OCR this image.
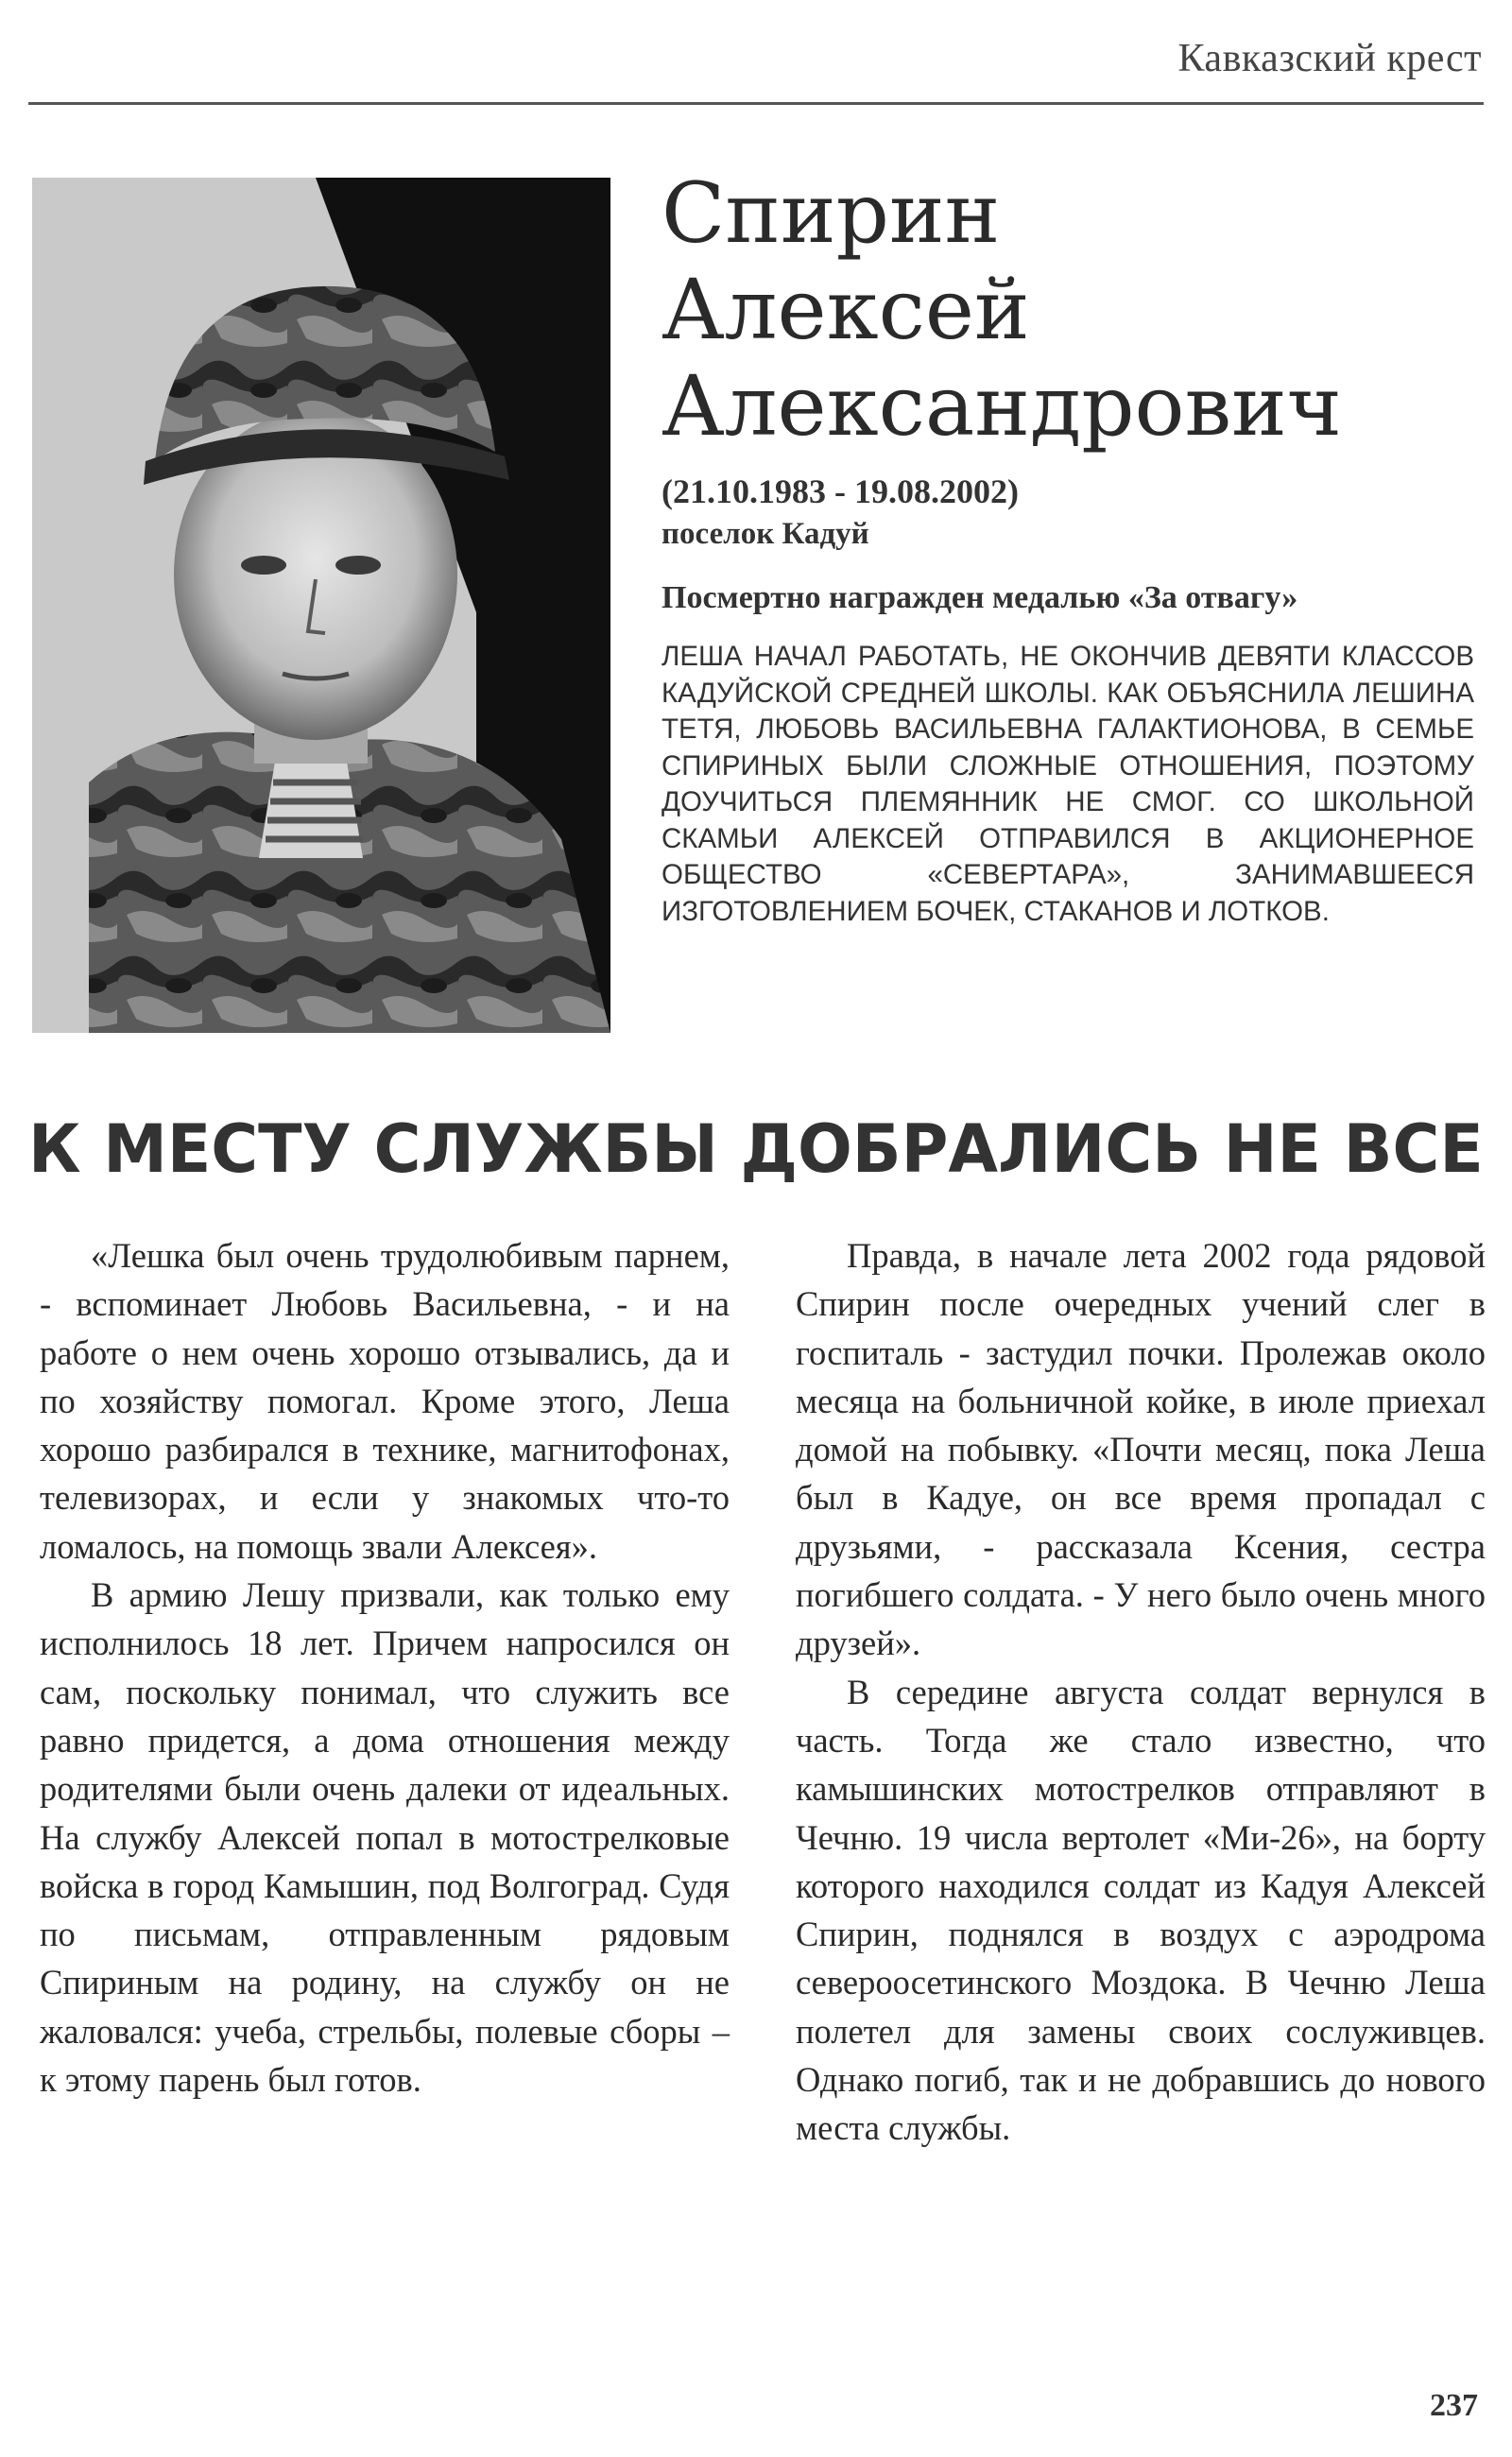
Кавказский крест
Спирин
Алексей
Александрович
(21.10.1983 - 19.08.2002)
поселок Кадуй
Посмертно награжден медалью «За отвагу»
ЛЕША НАЧАЛ РАБОТАТЬ, НЕ ОКОНЧИВ ДЕВЯТИ КЛАССОВ КАДУЙСКОЙ СРЕДНЕЙ ШКОЛЫ. КАК ОБЪЯСНИЛА ЛЕШИНА ТЕТЯ, ЛЮБОВЬ ВАСИЛЬЕВНА ГАЛАКТИОНОВА, В СЕМЬЕ СПИРИНЫХ БЫЛИ СЛОЖНЫЕ ОТНОШЕНИЯ, ПОЭТОМУ ДОУЧИТЬСЯ ПЛЕМЯННИК НЕ СМОГ. СО ШКОЛЬНОЙ СКАМЬИ АЛЕКСЕЙ ОТПРАВИЛСЯ В АКЦИОНЕРНОЕ ОБЩЕСТВО «СЕВЕРТАРА», ЗАНИМАВШЕЕСЯ ИЗГОТОВЛЕНИЕМ БОЧЕК, СТАКАНОВ И ЛОТКОВ.
К МЕСТУ СЛУЖБЫ ДОБРАЛИСЬ НЕ ВСЕ

«Лешка был очень трудолюбивым парнем, - вспоминает Любовь Васильевна, - и на работе о нем очень хорошо отзывались, да и по хозяйству помогал. Кроме этого, Леша хорошо разбирался в технике, магнитофонах, телевизорах, и если у знакомых что-то ломалось, на помощь звали Алексея».

В армию Лешу призвали, как только ему исполнилось 18 лет. Причем напросился он сам, поскольку понимал, что служить все равно придется, а дома отношения между родителями были очень далеки от идеальных. На службу Алексей попал в мотострелковые войска в город Камышин, под Волгоград. Судя по письмам, отправленным рядовым Спириным на родину, на службу он не жаловался: учеба, стрельбы, полевые сборы – к этому парень был готов.

Правда, в начале лета 2002 года рядовой Спирин после очередных учений слег в госпиталь - застудил почки. Пролежав около месяца на больничной койке, в июле приехал домой на побывку. «Почти месяц, пока Леша был в Кадуе, он все время пропадал с друзьями, - рассказала Ксения, сестра погибшего солдата. - У него было очень много друзей».

В середине августа солдат вернулся в часть. Тогда же стало известно, что камышинских мотострелков отправляют в Чечню. 19 числа вертолет «Ми-26», на борту которого находился солдат из Кадуя Алексей Спирин, поднялся в воздух с аэродрома североосетинского Моздока. В Чечню Леша полетел для замены своих сослуживцев. Однако погиб, так и не добравшись до нового места службы.

237
